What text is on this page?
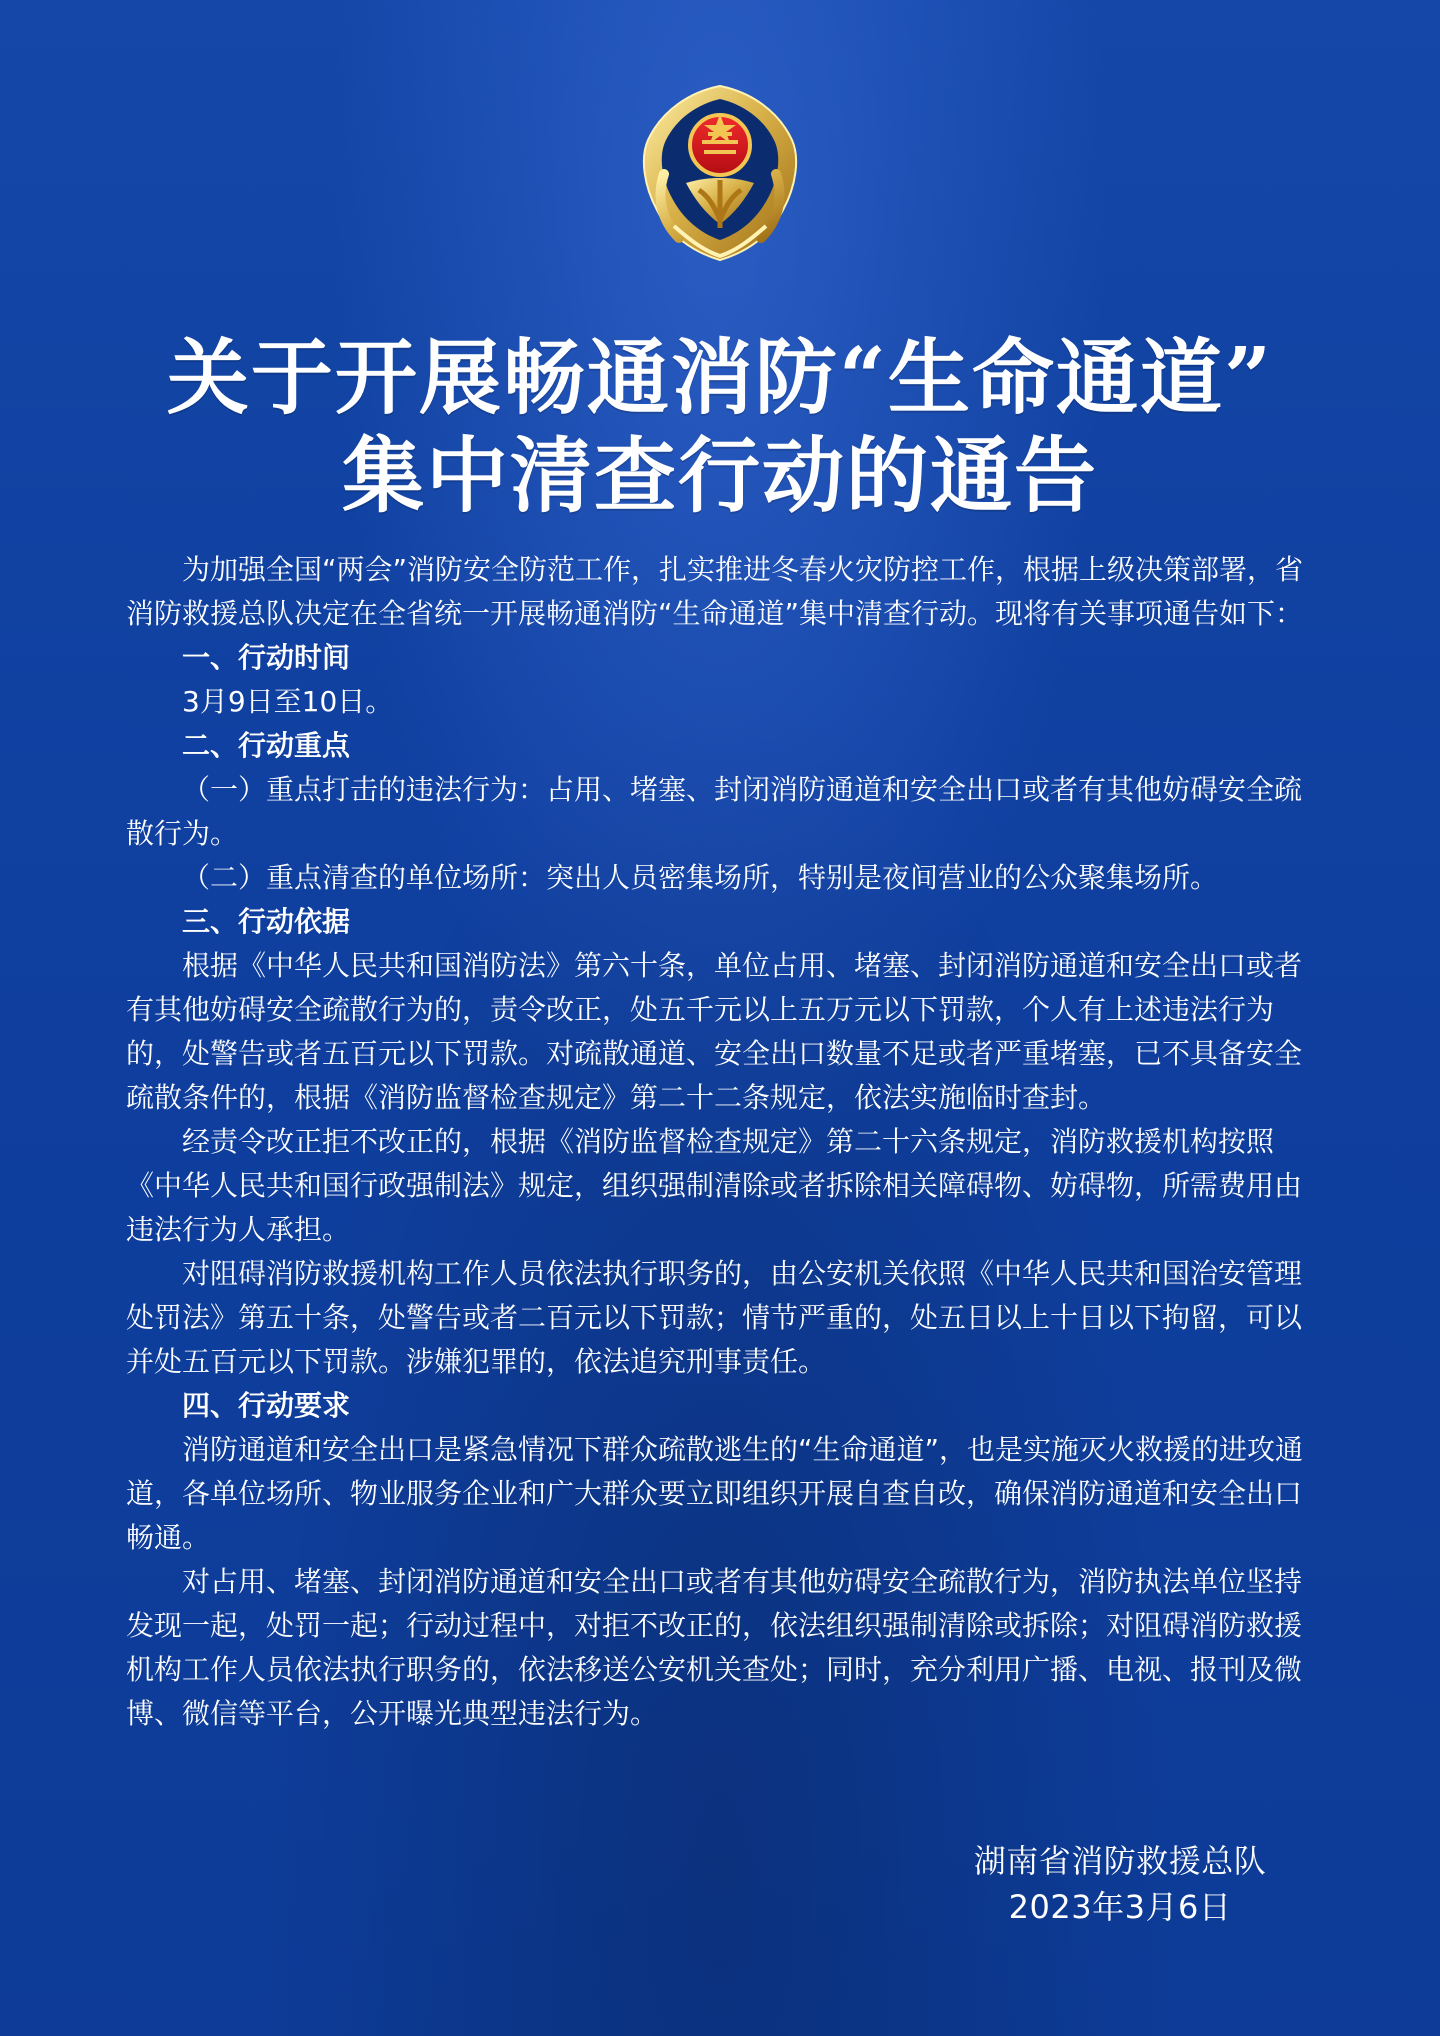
关于开展畅通消防“生命通道”
集中清查行动的通告

为加强全国“两会”消防安全防范工作，扎实推进冬春火灾防控工作，根据上级决策部署，省消防救援总队决定在全省统一开展畅通消防“生命通道”集中清查行动。现将有关事项通告如下：

一、行动时间

3月9日至10日。

二、行动重点

（一）重点打击的违法行为：占用、堵塞、封闭消防通道和安全出口或者有其他妨碍安全疏散行为。

（二）重点清查的单位场所：突出人员密集场所，特别是夜间营业的公众聚集场所。

三、行动依据

根据《中华人民共和国消防法》第六十条，单位占用、堵塞、封闭消防通道和安全出口或者有其他妨碍安全疏散行为的，责令改正，处五千元以上五万元以下罚款，个人有上述违法行为的，处警告或者五百元以下罚款。对疏散通道、安全出口数量不足或者严重堵塞，已不具备安全疏散条件的，根据《消防监督检查规定》第二十二条规定，依法实施临时查封。

经责令改正拒不改正的，根据《消防监督检查规定》第二十六条规定，消防救援机构按照《中华人民共和国行政强制法》规定，组织强制清除或者拆除相关障碍物、妨碍物，所需费用由违法行为人承担。

对阻碍消防救援机构工作人员依法执行职务的，由公安机关依照《中华人民共和国治安管理处罚法》第五十条，处警告或者二百元以下罚款；情节严重的，处五日以上十日以下拘留，可以并处五百元以下罚款。涉嫌犯罪的，依法追究刑事责任。

四、行动要求

消防通道和安全出口是紧急情况下群众疏散逃生的“生命通道”，也是实施灭火救援的进攻通道，各单位场所、物业服务企业和广大群众要立即组织开展自查自改，确保消防通道和安全出口畅通。

对占用、堵塞、封闭消防通道和安全出口或者有其他妨碍安全疏散行为，消防执法单位坚持发现一起，处罚一起；行动过程中，对拒不改正的，依法组织强制清除或拆除；对阻碍消防救援机构工作人员依法执行职务的，依法移送公安机关查处；同时，充分利用广播、电视、报刊及微博、微信等平台，公开曝光典型违法行为。

湖南省消防救援总队
2023年3月6日
